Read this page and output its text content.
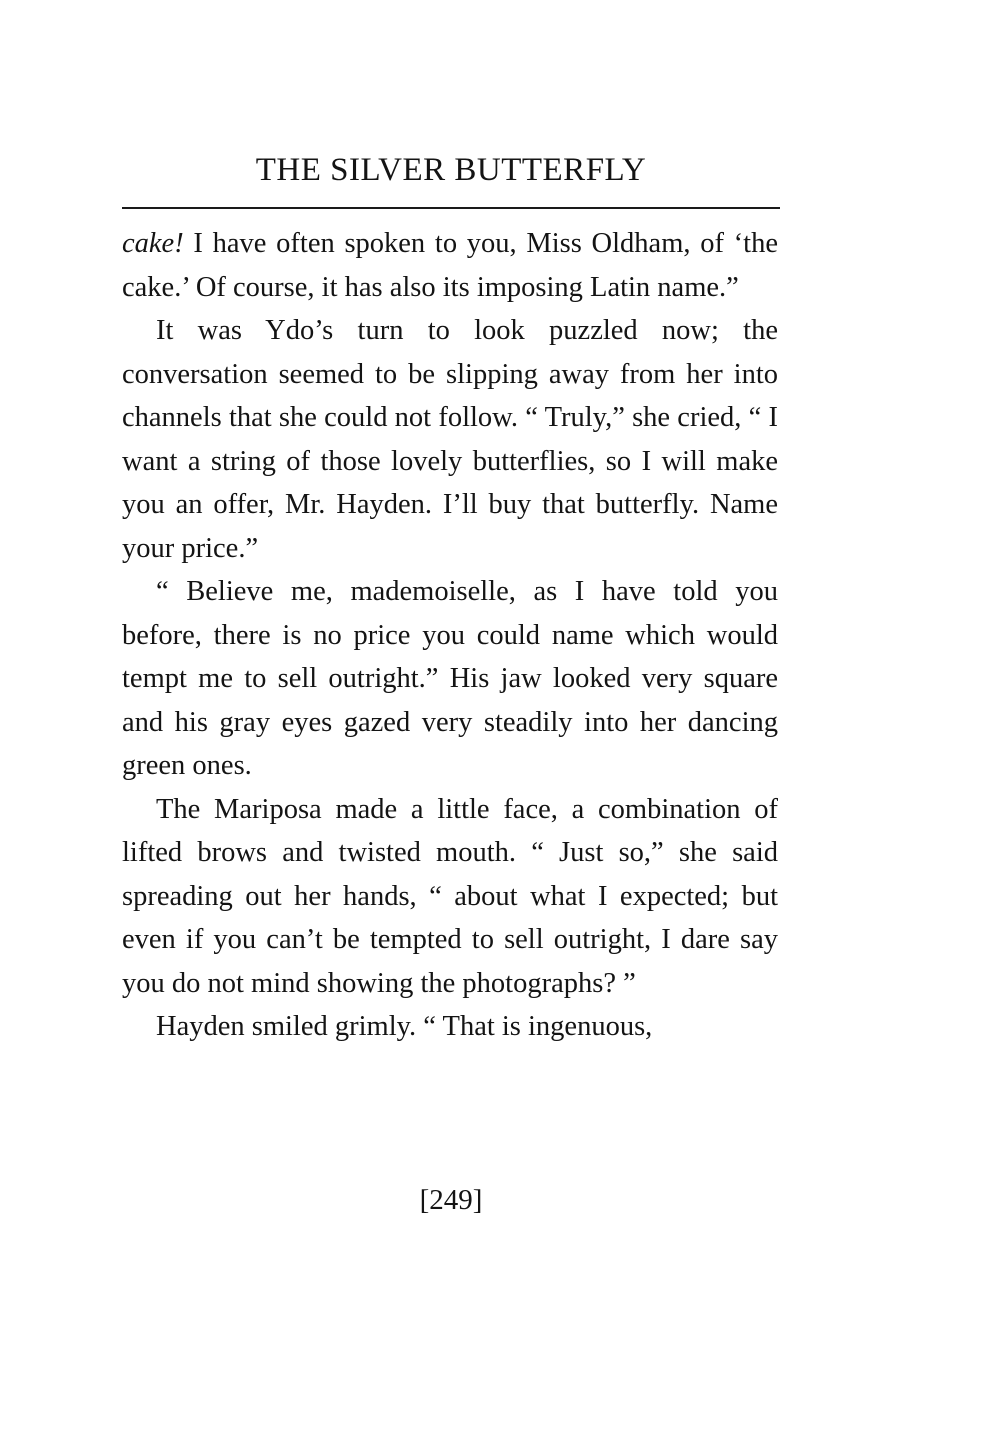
THE SILVER BUTTERFLY

cake! I have often spoken to you, Miss Oldham, of ‘the cake.’ Of course, it has also its imposing Latin name.”

It was Ydo’s turn to look puzzled now; the conversation seemed to be slipping away from her into channels that she could not follow. “ Truly,” she cried, “ I want a string of those lovely butterflies, so I will make you an offer, Mr. Hayden. I’ll buy that butterfly. Name your price.”

“ Believe me, mademoiselle, as I have told you before, there is no price you could name which would tempt me to sell outright.” His jaw looked very square and his gray eyes gazed very steadily into her dancing green ones.

The Mariposa made a little face, a combination of lifted brows and twisted mouth. “ Just so,” she said spreading out her hands, “ about what I expected; but even if you can’t be tempted to sell outright, I dare say you do not mind showing the photographs? ”

Hayden smiled grimly. “ That is ingenuous,

[249]
